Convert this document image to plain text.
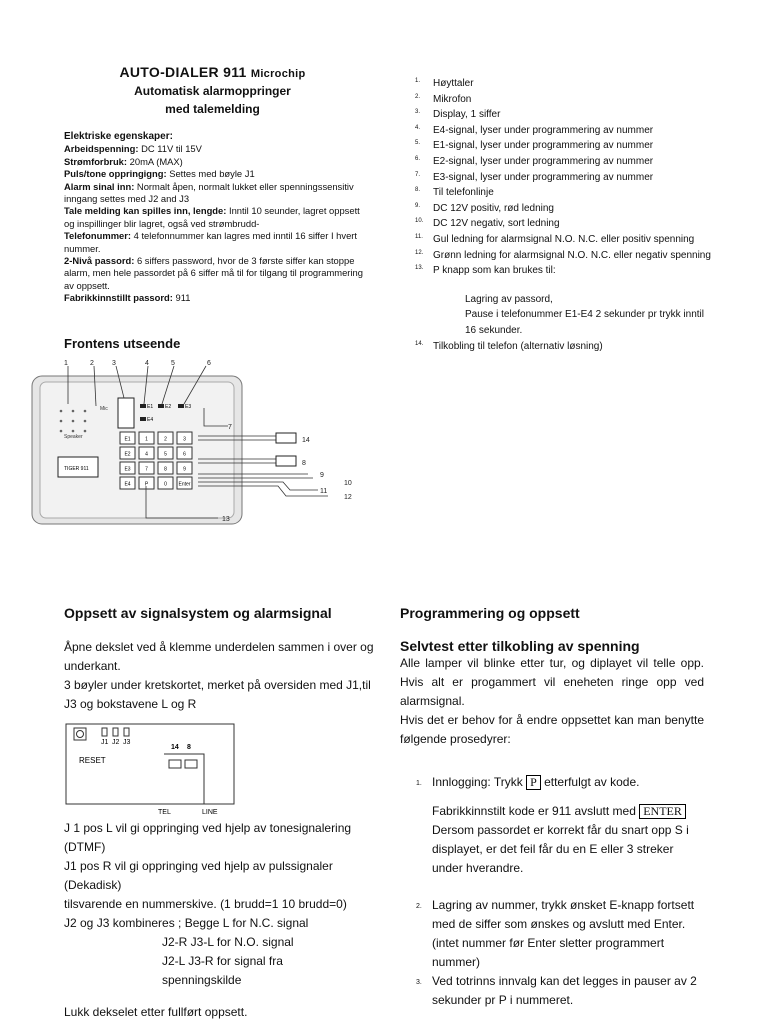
AUTO-DIALER 911 Microchip
Automatisk alarmoppringer
med talemelding
Elektriske egenskaper:
Arbeidspenning: DC 11V til 15V
Strømforbruk: 20mA (MAX)
Puls/tone oppringigng: Settes med bøyle J1
Alarm sinal inn: Normalt åpen, normalt lukket eller spenningssensitiv inngang settes med J2 and J3
Tale melding kan spilles inn, lengde: Inntil 10 seunder, lagret oppsett og inspillinger blir lagret, også ved strømbrudd-
Telefonummer: 4 telefonnummer kan lagres med inntil 16 siffer I hvert nummer.
2-Nivå passord: 6 siffers password, hvor de 3 første siffer kan stoppe alarm, men hele passordet på 6 siffer må til for tilgang til programmering av oppsett.
Fabrikkinnstillt passord: 911
Frontens utseende
Speaker
Mic	E1
E4
E2	E3
TIGER 911
E1	1	2	3
E2	4	5	6
E3	7	8	9
E4	P	0 Enter
1	2	3	4	5	6
7
14
8
9
10
11
12
13
1. Høyttaler
2. Mikrofon
3. Display, 1 siffer
4. E4-signal, lyser under programmering av nummer
5. E1-signal, lyser under programmering av nummer
6. E2-signal, lyser under programmering av nummer
7. E3-signal, lyser under programmering av nummer
8. Til telefonlinje
9. DC 12V positiv, rød ledning
10. DC 12V negativ, sort ledning
11. Gul ledning for alarmsignal N.O. N.C. eller positiv spenning
12. Grønn ledning for alarmsignal N.O. N.C. eller negativ spenning
13. P knapp som kan brukes til:
Lagring av passord,
Pause i telefonummer E1-E4 2 sekunder pr trykk inntil 16 sekunder.
14. Tilkobling til telefon (alternativ løsning)
Oppsett av signalsystem og alarmsignal
Åpne dekslet ved å klemme underdelen sammen i over og underkant.
3 bøyler under kretskortet, merket på oversiden med J1,til J3 og bokstavene L og R
J1 J2 J3
RESET
14 8
TEL	LINE
J 1 pos L vil gi oppringing ved hjelp av tonesignalering (DTMF)
J1 pos R vil gi oppringing ved hjelp av pulssignaler (Dekadisk)
tilsvarende en nummerskive. (1 brudd=1 10 brudd=0)
J2 og J3 kombineres ; Begge L for N.C. signal
J2-R J3-L for N.O. signal
J2-L J3-R for signal fra
spenningskilde
Lukk dekselet etter fullført oppsett.
Programmering og oppsett
Selvtest etter tilkobling av spenning
Alle lamper vil blinke etter tur, og diplayet vil telle opp. Hvis alt er progammert vil eneheten ringe opp ved alarmsignal.
Hvis det er behov for å endre oppsettet kan man benytte følgende prosedyrer:
1. Innlogging: Trykk P etterfulgt av kode.
Fabrikkinnstilt kode er 911 avslutt med ENTER
Dersom passordet er korrekt får du snart opp S i displayet, er det feil får du en E eller 3 streker under hverandre.
2. Lagring av nummer, trykk ønsket E-knapp fortsett med de siffer som ønskes og avslutt med Enter. (intet nummer før Enter sletter programmert nummer)
3. Ved totrinns innvalg kan det legges in pauser av 2 sekunder pr P i nummeret.
